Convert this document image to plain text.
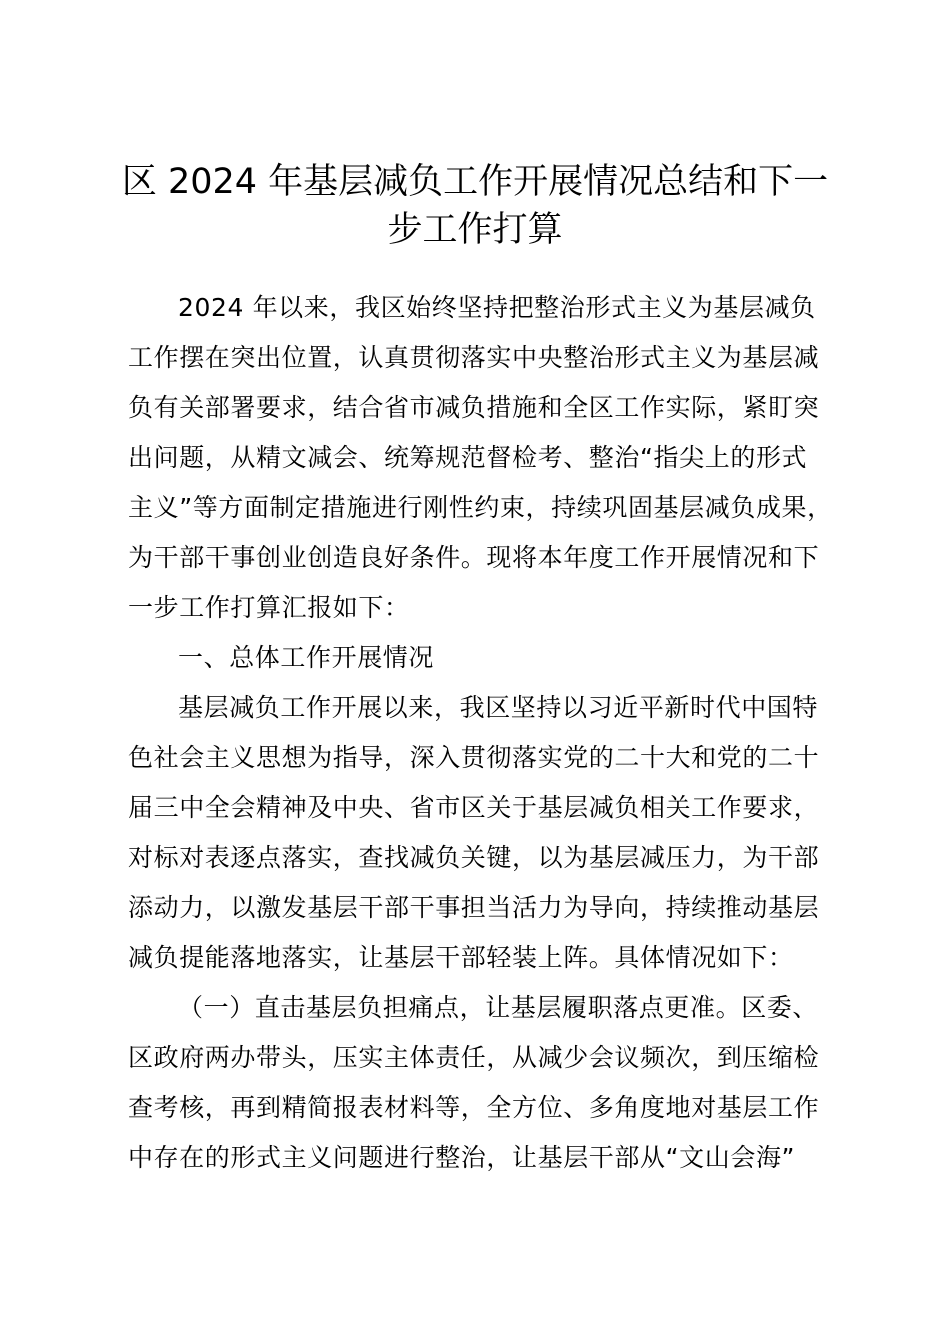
区 2024 年基层减负工作开展情况总结和下一
步工作打算

2024 年以来，我区始终坚持把整治形式主义为基层减负
工作摆在突出位置，认真贯彻落实中央整治形式主义为基层减
负有关部署要求，结合省市减负措施和全区工作实际，紧盯突
出问题，从精文减会、统筹规范督检考、整治“指尖上的形式
主义”等方面制定措施进行刚性约束，持续巩固基层减负成果，
为干部干事创业创造良好条件。现将本年度工作开展情况和下
一步工作打算汇报如下：

一、总体工作开展情况

基层减负工作开展以来，我区坚持以习近平新时代中国特
色社会主义思想为指导，深入贯彻落实党的二十大和党的二十
届三中全会精神及中央、省市区关于基层减负相关工作要求，
对标对表逐点落实，查找减负关键，以为基层减压力，为干部
添动力，以激发基层干部干事担当活力为导向，持续推动基层
减负提能落地落实，让基层干部轻装上阵。具体情况如下：

（一）直击基层负担痛点，让基层履职落点更准。区委、
区政府两办带头，压实主体责任，从减少会议频次，到压缩检
查考核，再到精简报表材料等，全方位、多角度地对基层工作
中存在的形式主义问题进行整治，让基层干部从“文山会海”
